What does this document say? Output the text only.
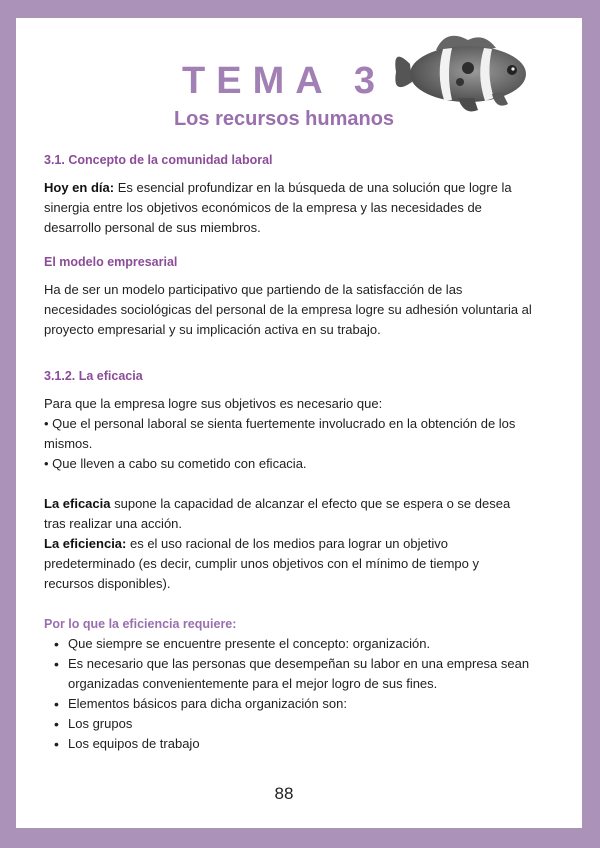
TEMA 3
Los recursos humanos

3.1. Concepto de la comunidad laboral

Hoy en día: Es esencial profundizar en la búsqueda de una solución que logre la sinergia entre los objetivos económicos de la empresa y las necesidades de desarrollo personal de sus miembros.

El modelo empresarial

Ha de ser un modelo participativo que partiendo de la satisfacción de las necesidades sociológicas del personal de la empresa logre su adhesión voluntaria al proyecto empresarial y su implicación activa en su trabajo.

3.1.2. La eficacia

Para que la empresa logre sus objetivos es necesario que:

• Que el personal laboral se sienta fuertemente involucrado en la obtención de los mismos.

• Que lleven a cabo su cometido con eficacia.

La eficacia supone la capacidad de alcanzar el efecto que se espera o se desea tras realizar una acción.

La eficiencia: es el uso racional de los medios para lograr un objetivo predeterminado (es decir, cumplir unos objetivos con el mínimo de tiempo y recursos disponibles).

Por lo que la eficiencia requiere:

• Que siempre se encuentre presente el concepto: organización.
• Es necesario que las personas que desempeñan su labor en una empresa sean organizadas convenientemente para el mejor logro de sus fines.
• Elementos básicos para dicha organización son:
• Los grupos
• Los equipos de trabajo
88
